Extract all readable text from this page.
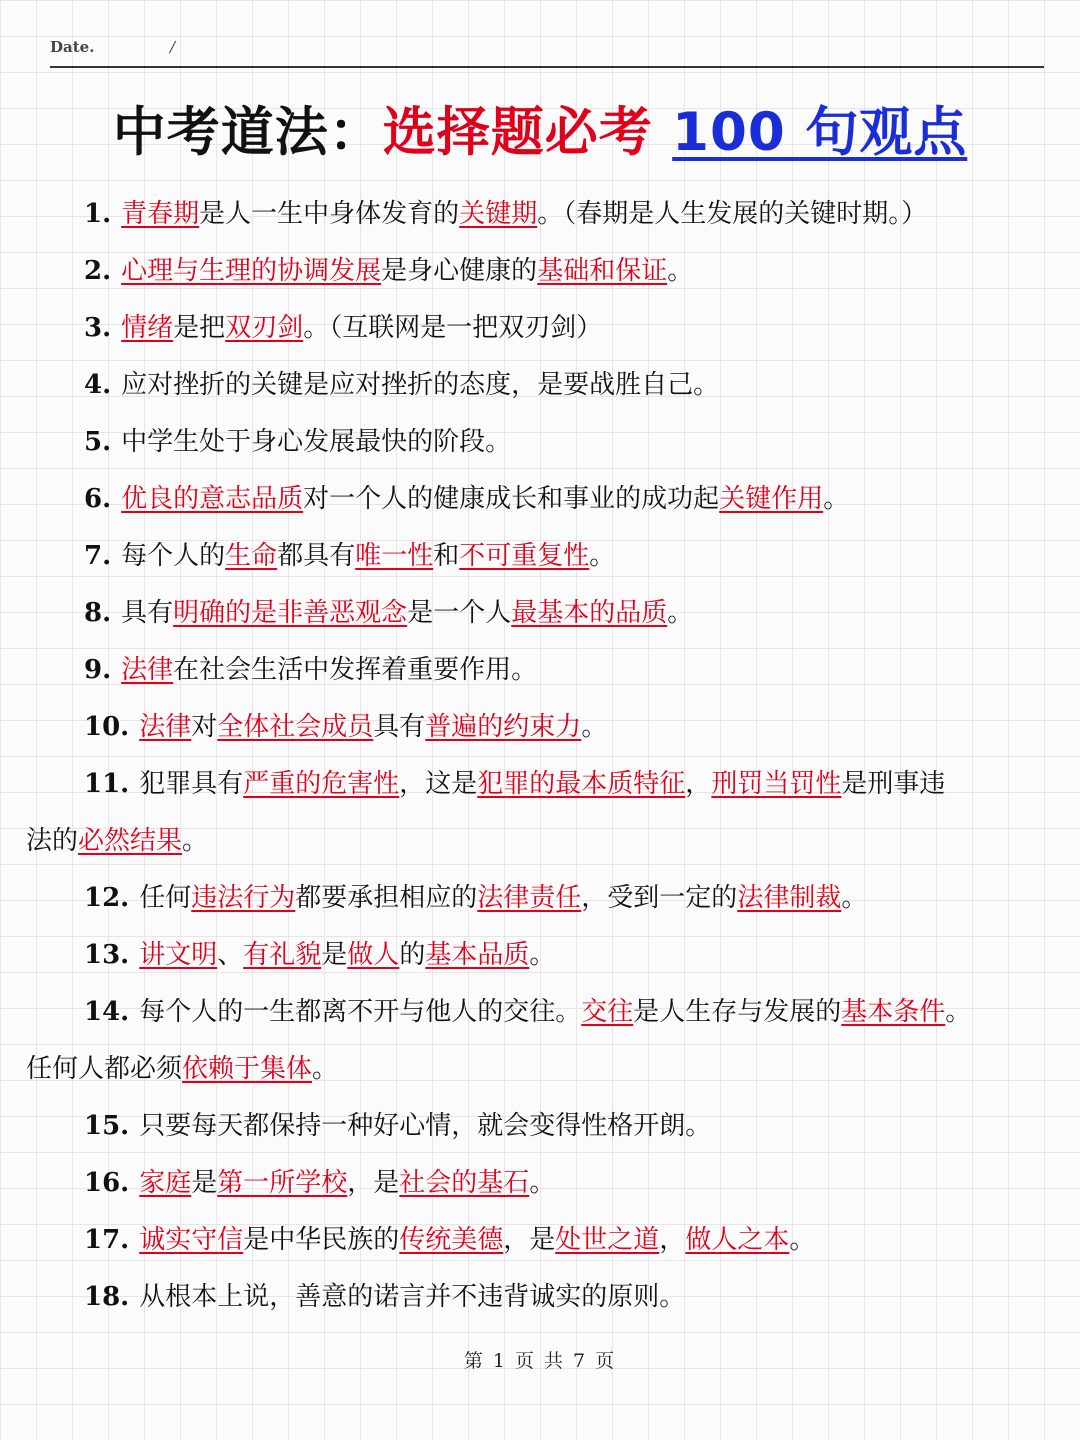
Date.	/
中考道法：选择题必考 100 句观点
1. 青春期是人一生中身体发育的关键期。（春期是人生发展的关键时期。）
2. 心理与生理的协调发展是身心健康的基础和保证。
3. 情绪是把双刃剑。（互联网是一把双刃剑）
4. 应对挫折的关键是应对挫折的态度，是要战胜自己。
5. 中学生处于身心发展最快的阶段。
6. 优良的意志品质对一个人的健康成长和事业的成功起关键作用。
7. 每个人的生命都具有唯一性和不可重复性。
8. 具有明确的是非善恶观念是一个人最基本的品质。
9. 法律在社会生活中发挥着重要作用。
10. 法律对全体社会成员具有普遍的约束力。
11. 犯罪具有严重的危害性，这是犯罪的最本质特征，刑罚当罚性是刑事违
法的必然结果。
12. 任何违法行为都要承担相应的法律责任，受到一定的法律制裁。
13. 讲文明、有礼貌是做人的基本品质。
14. 每个人的一生都离不开与他人的交往。交往是人生存与发展的基本条件。
任何人都必须依赖于集体。
15. 只要每天都保持一种好心情，就会变得性格开朗。
16. 家庭是第一所学校，是社会的基石。
17. 诚实守信是中华民族的传统美德，是处世之道，做人之本。
18. 从根本上说，善意的诺言并不违背诚实的原则。
第 1 页 共 7 页
